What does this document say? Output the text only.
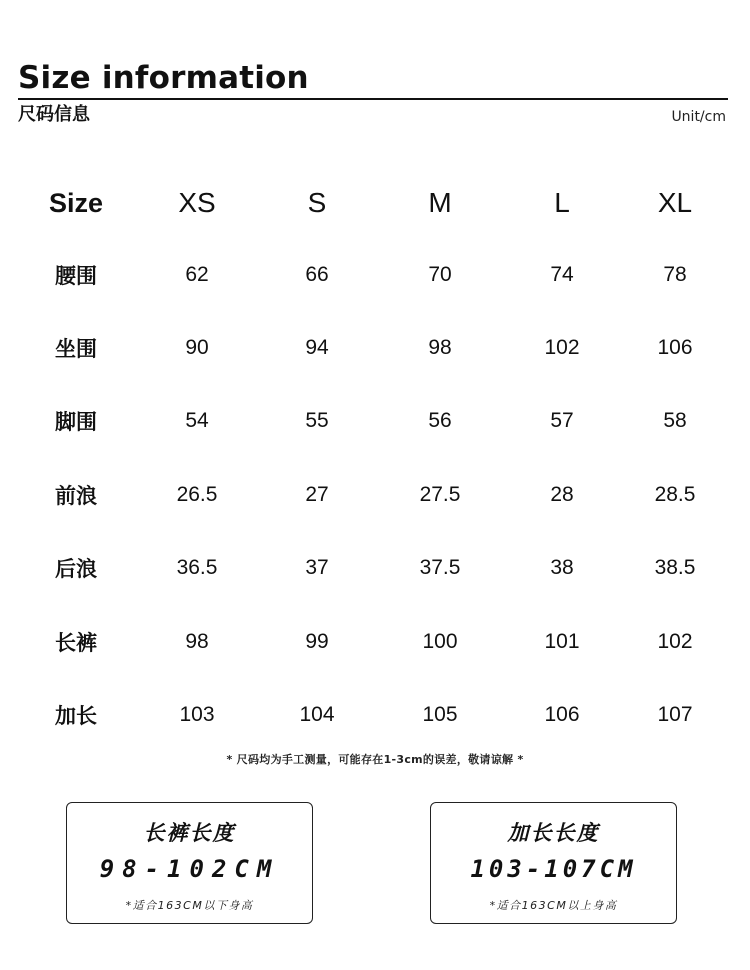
Size information
尺码信息	Unit/cm
Size	XS	S	M	L	XL
腰围	62	66	70	74	78
坐围	90	94	98	102	106
脚围	54	55	56	57	58
前浪	26.5	27	27.5	28	28.5
后浪	36.5	37	37.5	38	38.5
长裤	98	99	100	101	102
加长	103	104	105	106	107
* 尺码均为手工测量，可能存在1-3cm的误差，敬请谅解 *
长裤长度
98-102CM
*适合163CM以下身高
加长长度
103-107CM
*适合163CM以上身高
